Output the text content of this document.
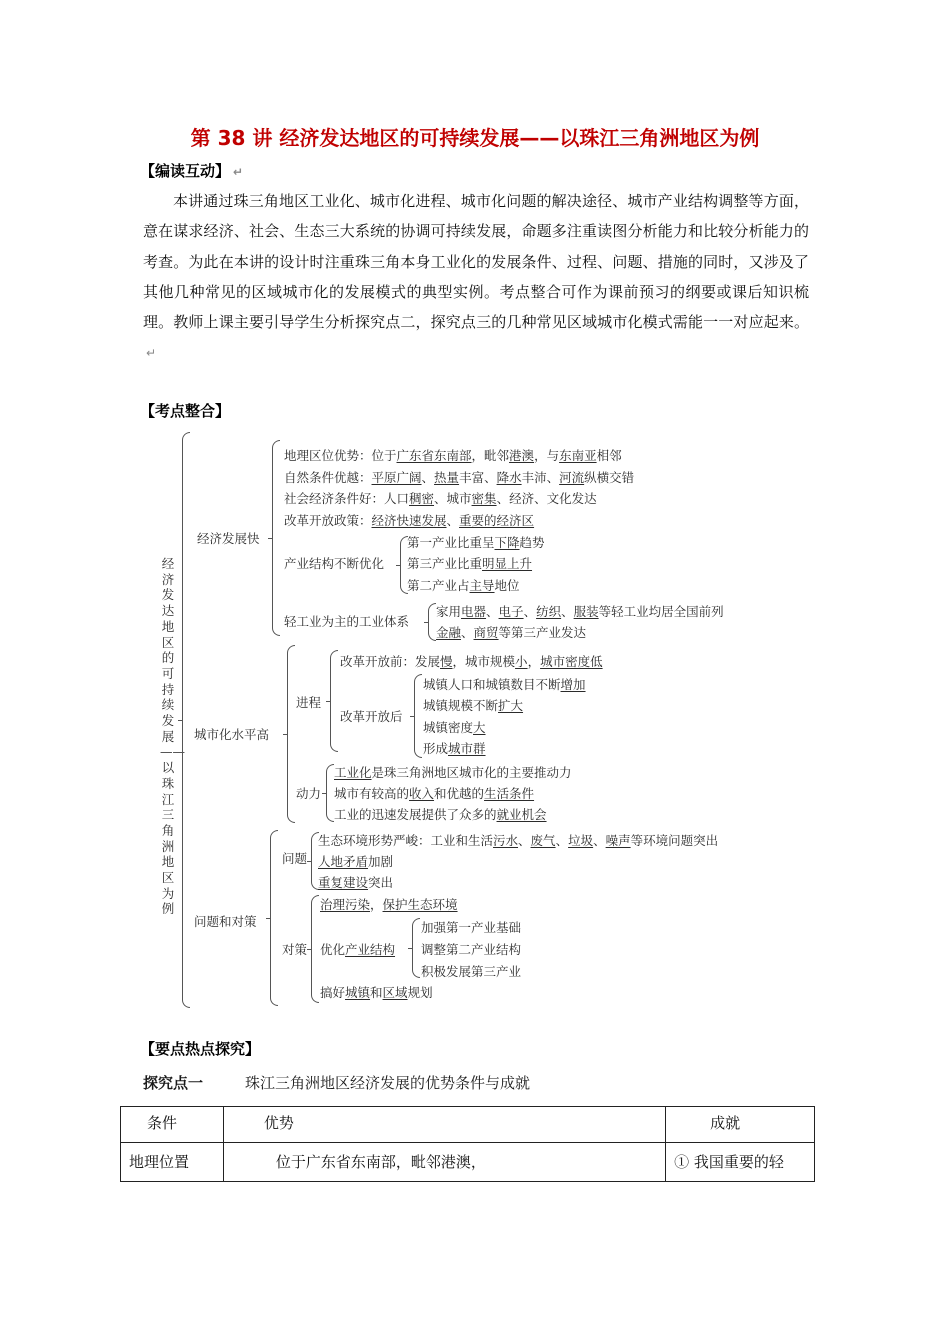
第 38 讲 经济发达地区的可持续发展——以珠江三角洲地区为例
【编读互动】 ↵
本讲通过珠三角地区工业化、城市化进程、城市化问题的解决途径、城市产业结构调整等方面，意在谋求经济、社会、生态三大系统的协调可持续发展，命题多注重读图分析能力和比较分析能力的考查。为此在本讲的设计时注重珠三角本身工业化的发展条件、过程、问题、措施的同时，又涉及了其他几种常见的区域城市化的发展模式的典型实例。考点整合可作为课前预习的纲要或课后知识梳理。教师上课主要引导学生分析探究点二，探究点三的几种常见区域城市化模式需能一一对应起来。↵
【考点整合】
经济发达地区的可持续发展——以珠江三角洲地区为例
经济发展快
地理区位优势：位于广东省东南部，毗邻港澳，与东南亚相邻
自然条件优越：平原广阔、热量丰富、降水丰沛、河流纵横交错
社会经济条件好：人口稠密、城市密集、经济、文化发达
改革开放政策：经济快速发展、重要的经济区
产业结构不断优化
第一产业比重呈下降趋势
第三产业比重明显上升
第二产业占主导地位
轻工业为主的工业体系
家用电器、电子、纺织、服装等轻工业均居全国前列
金融、商贸等第三产业发达
城市化水平高
进程
改革开放前：发展慢，城市规模小，城市密度低
改革开放后
城镇人口和城镇数目不断增加
城镇规模不断扩大
城镇密度大
形成城市群
动力
工业化是珠三角洲地区城市化的主要推动力
城市有较高的收入和优越的生活条件
工业的迅速发展提供了众多的就业机会
问题和对策
问题
生态环境形势严峻：工业和生活污水、废气、垃圾、噪声等环境问题突出
人地矛盾加剧
重复建设突出
对策
治理污染，保护生态环境
优化产业结构
加强第一产业基础
调整第二产业结构
积极发展第三产业
搞好城镇和区域规划
【要点热点探究】
探究点一	珠江三角洲地区经济发展的优势条件与成就
条件	优势	成就
地理位置	位于广东省东南部，毗邻港澳，	① 我国重要的轻
